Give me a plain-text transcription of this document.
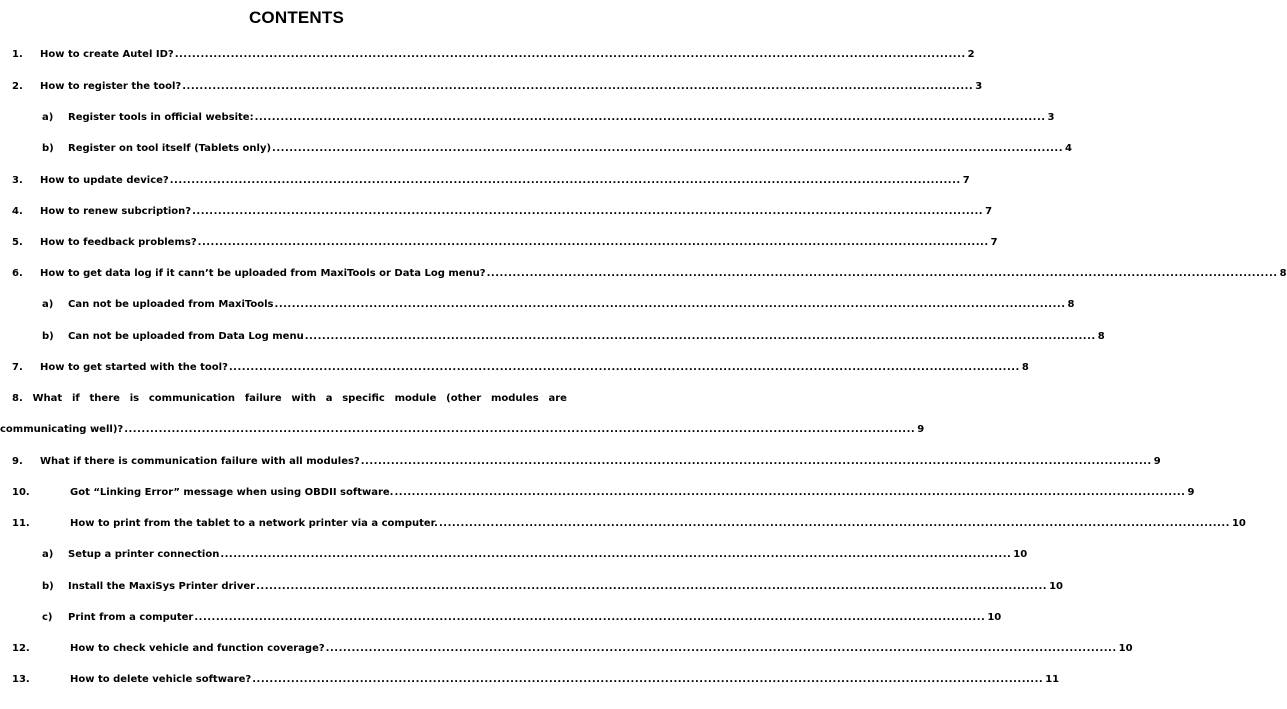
CONTENTS
1.	How to create Autel ID? ........................................................................................................................................................................................ 2
2.	How to register the tool? ........................................................................................................................................................................................ 3
a)	Register tools in official website: ........................................................................................................................................................................................ 3
b)	Register on tool itself (Tablets only) ........................................................................................................................................................................................ 4
3.	How to update device? ........................................................................................................................................................................................ 7
4.	How to renew subcription? ........................................................................................................................................................................................ 7
5.	How to feedback problems? ........................................................................................................................................................................................ 7
6.	How to get data log if it cann’t be uploaded from MaxiTools or Data Log menu? ........................................................................................................................................................................................ 8
a)	Can not be uploaded from MaxiTools ........................................................................................................................................................................................ 8
b)	Can not be uploaded from Data Log menu ........................................................................................................................................................................................ 8
7.	How to get started with the tool? ........................................................................................................................................................................................ 8
8. What if there is communication failure with a specific module (other modules are
communicating well)? ........................................................................................................................................................................................ 9
9.	What if there is communication failure with all modules? ........................................................................................................................................................................................ 9
10.	Got “Linking Error” message when using OBDII software. ........................................................................................................................................................................................ 9
11.	How to print from the tablet to a network printer via a computer. ........................................................................................................................................................................................ 10
a)	Setup a printer connection ........................................................................................................................................................................................ 10
b)	Install the MaxiSys Printer driver ........................................................................................................................................................................................ 10
c)	Print from a computer ........................................................................................................................................................................................ 10
12.	How to check vehicle and function coverage? ........................................................................................................................................................................................ 10
13.	How to delete vehicle software? ........................................................................................................................................................................................ 11
